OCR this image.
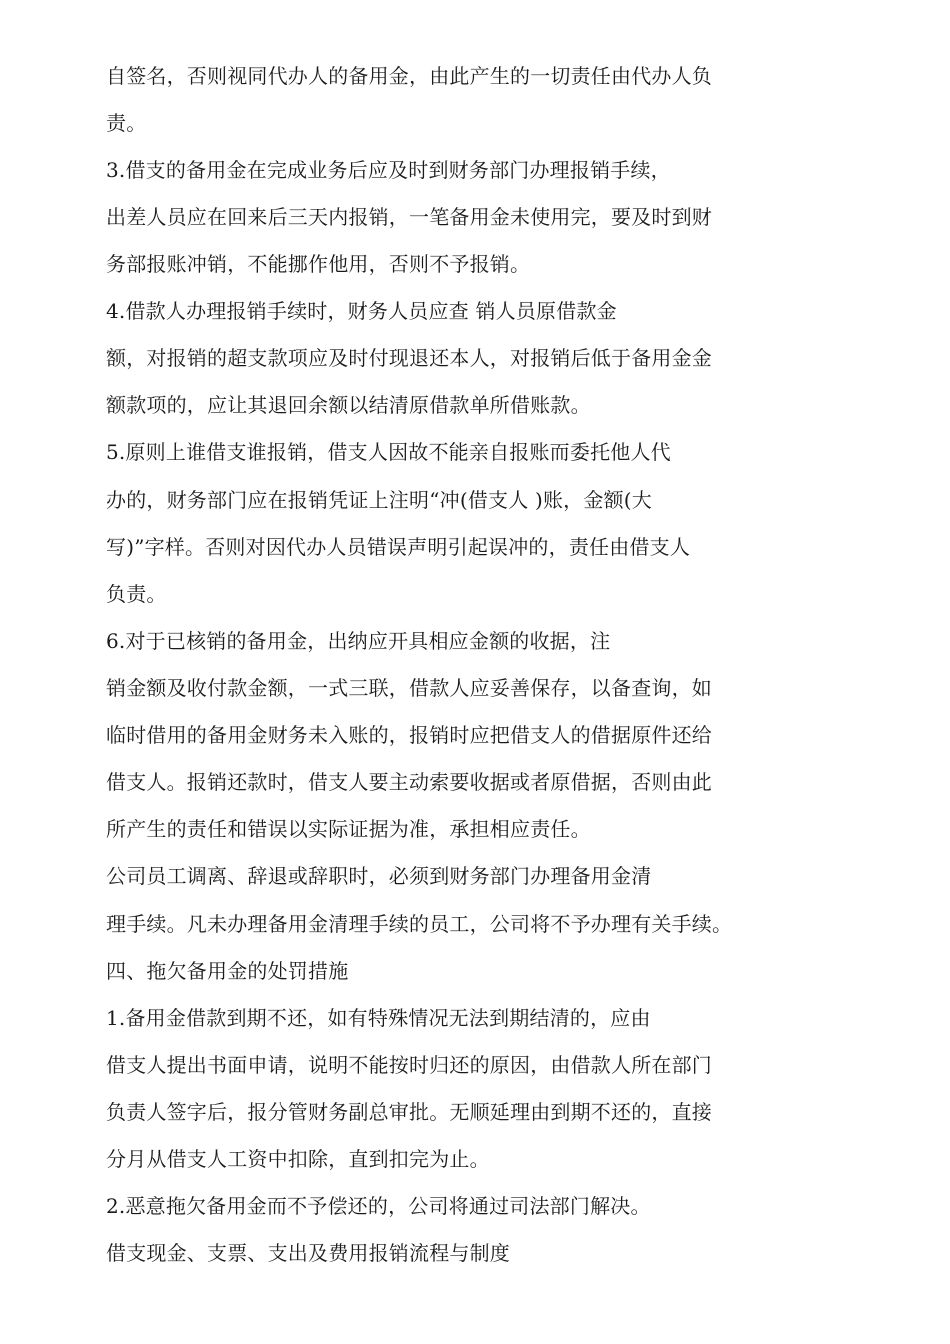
自签名，否则视同代办人的备用金，由此产生的一切责任由代办人负
责。
3.借支的备用金在完成业务后应及时到财务部门办理报销手续，
出差人员应在回来后三天内报销，一笔备用金未使用完，要及时到财
务部报账冲销，不能挪作他用，否则不予报销。
4.借款人办理报销手续时，财务人员应查 销人员原借款金
额，对报销的超支款项应及时付现退还本人，对报销后低于备用金金
额款项的，应让其退回余额以结清原借款单所借账款。
5.原则上谁借支谁报销，借支人因故不能亲自报账而委托他人代
办的，财务部门应在报销凭证上注明“冲(借支人 )账，金额(大
写)”字样。否则对因代办人员错误声明引起误冲的，责任由借支人
负责。
6.对于已核销的备用金，出纳应开具相应金额的收据，注
销金额及收付款金额，一式三联，借款人应妥善保存，以备查询，如
临时借用的备用金财务未入账的，报销时应把借支人的借据原件还给
借支人。报销还款时，借支人要主动索要收据或者原借据，否则由此
所产生的责任和错误以实际证据为准，承担相应责任。
公司员工调离、辞退或辞职时，必须到财务部门办理备用金清
理手续。凡未办理备用金清理手续的员工，公司将不予办理有关手续。
四、拖欠备用金的处罚措施
1.备用金借款到期不还，如有特殊情况无法到期结清的，应由
借支人提出书面申请，说明不能按时归还的原因，由借款人所在部门
负责人签字后，报分管财务副总审批。无顺延理由到期不还的，直接
分月从借支人工资中扣除，直到扣完为止。
2.恶意拖欠备用金而不予偿还的，公司将通过司法部门解决。
借支现金、支票、支出及费用报销流程与制度
